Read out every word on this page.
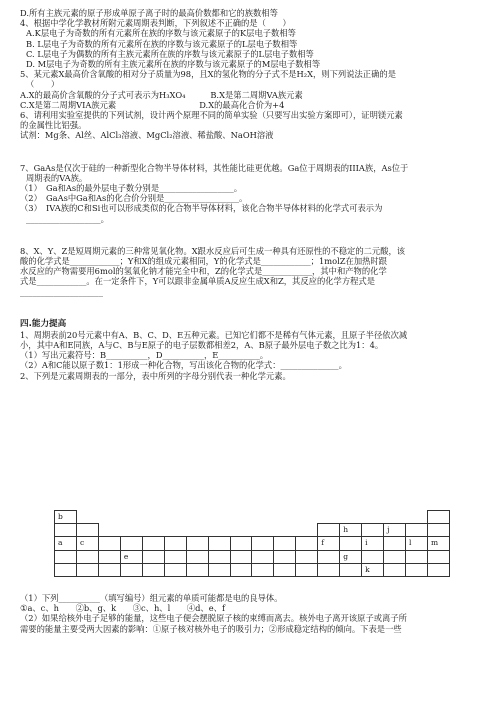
D.所有主族元素的原子形成单原子离子时的最高价数都和它的族数相等
4、根据中学化学教材所附元素周期表判断，下列叙述不正确的是（　　）
A.K层电子为奇数的所有元素所在族的序数与该元素原子的K层电子数相等
B. L层电子为奇数的所有元素所在族的序数与该元素原子的L层电子数相等
C. L层电子为偶数的所有主族元素所在族的序数与该元素原子的L层电子数相等
D. M层电子为奇数的所有主族元素所在族的序数与该元素原子的M层电子数相等
5、某元素X最高价含氧酸的相对分子质量为98，且X的氢化物的分子式不是H₂X，则下列说法正确的是
（　　）
A.X的最高价含氧酸的分子式可表示为H₃XO₄　　　B.X是第二周期VA族元素
C.X是第二周期VIA族元素　　　　　　　　　　D.X的最高化合价为+4
6、请利用实验室提供的下列试剂，设计两个原理不同的简单实验（只要写出实验方案即可），证明镁元素
的金属性比铝强。
试剂：Mg条、Al丝、AlCl₃溶液、MgCl₂溶液、稀盐酸、NaOH溶液
7、GaAs是仅次于硅的一种新型化合物半导体材料，其性能比硅更优越。Ga位于周期表的IIIA族，As位于
周期表的VA族。
（1）　Ga和As的最外层电子数分别是__________________。
（2）　GaAs中Ga和As的化合价分别是__________________。
（3）　IVA族的C和Si也可以形成类似的化合物半导体材料，该化合物半导体材料的化学式可表示为
__________________。
8、X、Y、Z是短周期元素的三种常见氧化物。X跟水反应后可生成一种具有还原性的不稳定的二元酸，该
酸的化学式是____________；Y和X的组成元素相同，Y的化学式是____________；1molZ在加热时跟
水反应的产物需要用6mol的氢氧化钠才能完全中和，Z的化学式是____________，其中和产物的化学
式是____________。在一定条件下，Y可以跟非金属单质A反应生成X和Z，其反应的化学方程式是
____________________
四.能力提高
1、周期表前20号元素中有A、B、C、D、E五种元素。已知它们都不是稀有气体元素，且原子半径依次减
小，其中A和E同族，A与C、B与E原子的电子层数都相差2，A、B原子最外层电子数之比为1：4。
（1）写出元素符号：B__________，D__________，E__________。
（2）A和C能以原子数1：1形成一种化合物，写出该化合物的化学式：______________。
2、下列是元素周期表的一部分，表中所列的字母分别代表一种化学元素。
b																	
													h		j		
a	c											f		i		l	m
			e										g				
														k			
（1）下列__________（填写编号）组元素的单质可能都是电的良导体。
①a、c、h　　②b、g、k　　③c、h、l　　④d、e、f
（2）如果给核外电子足够的能量，这些电子便会摆脱原子核的束缚而离去。核外电子离开该原子或离子所
需要的能量主要受两大因素的影响：①原子核对核外电子的吸引力；②形成稳定结构的倾向。下表是一些
